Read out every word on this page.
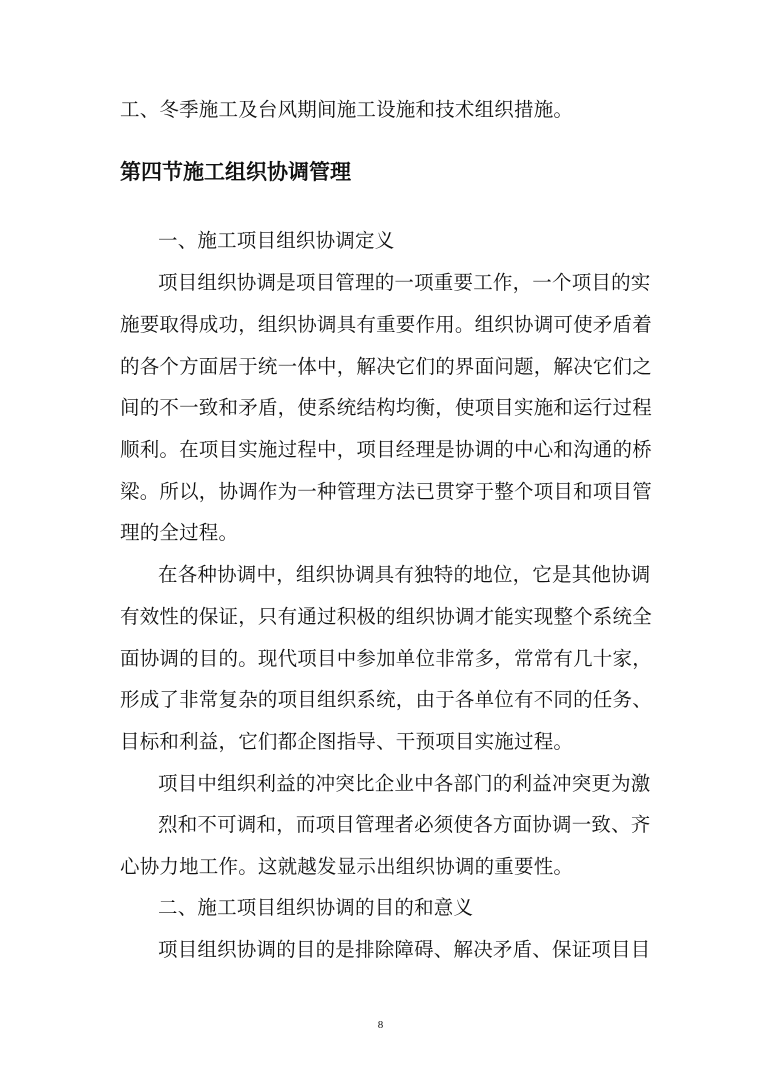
工、冬季施工及台风期间施工设施和技术组织措施。
第四节施工组织协调管理
一、施工项目组织协调定义
项目组织协调是项目管理的一项重要工作，一个项目的实
施要取得成功，组织协调具有重要作用。组织协调可使矛盾着
的各个方面居于统一体中，解决它们的界面问题，解决它们之
间的不一致和矛盾，使系统结构均衡，使项目实施和运行过程
顺利。在项目实施过程中，项目经理是协调的中心和沟通的桥
梁。所以，协调作为一种管理方法已贯穿于整个项目和项目管
理的全过程。
在各种协调中，组织协调具有独特的地位，它是其他协调
有效性的保证，只有通过积极的组织协调才能实现整个系统全
面协调的目的。现代项目中参加单位非常多，常常有几十家，
形成了非常复杂的项目组织系统，由于各单位有不同的任务、
目标和利益，它们都企图指导、干预项目实施过程。
项目中组织利益的冲突比企业中各部门的利益冲突更为激
烈和不可调和，而项目管理者必须使各方面协调一致、齐
心协力地工作。这就越发显示出组织协调的重要性。
二、施工项目组织协调的目的和意义
项目组织协调的目的是排除障碍、解决矛盾、保证项目目
8
